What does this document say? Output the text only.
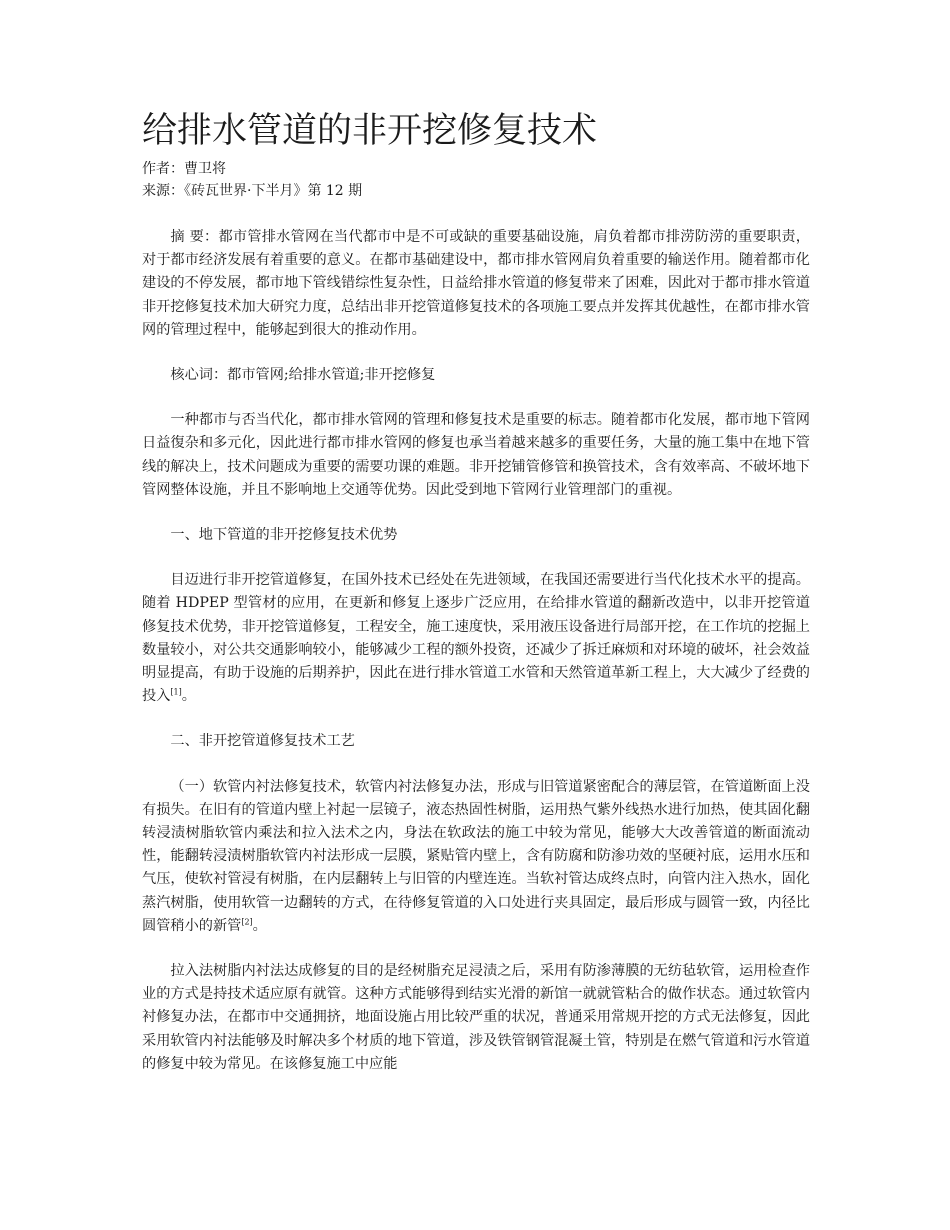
给排水管道的非开挖修复技术

作者：曹卫将

来源：《砖瓦世界·下半月》第 12 期

摘 要：都市管排水管网在当代都市中是不可或缺的重要基础设施，肩负着都市排涝防涝的重要职责，对于都市经济发展有着重要的意义。在都市基础建设中，都市排水管网肩负着重要的输送作用。随着都市化建设的不停发展，都市地下管线错综性复杂性，日益给排水管道的修复带来了困难，因此对于都市排水管道非开挖修复技术加大研究力度，总结出非开挖管道修复技术的各项施工要点并发挥其优越性，在都市排水管网的管理过程中，能够起到很大的推动作用。

核心词：都市管网;给排水管道;非开挖修复

一种都市与否当代化，都市排水管网的管理和修复技术是重要的标志。随着都市化发展，都市地下管网日益復杂和多元化，因此进行都市排水管网的修复也承当着越来越多的重要任务，大量的施工集中在地下管线的解决上，技术问题成为重要的需要功课的难题。非开挖铺管修管和换管技术，含有效率高、不破坏地下管网整体设施，并且不影响地上交通等优势。因此受到地下管网行业管理部门的重视。

一、地下管道的非开挖修复技术优势

目迈进行非开挖管道修复，在国外技术已经处在先进领域，在我国还需要进行当代化技术水平的提高。随着 HDPEP 型管材的应用，在更新和修复上逐步广泛应用，在给排水管道的翻新改造中，以非开挖管道修复技术优势，非开挖管道修复，工程安全，施工速度快，采用液压设备进行局部开挖，在工作坑的挖掘上数量较小，对公共交通影响较小，能够减少工程的额外投资，还减少了拆迁麻烦和对环境的破坏，社会效益明显提高，有助于设施的后期养护，因此在进行排水管道工水管和天然管道革新工程上，大大减少了经费的投入[1]。

二、非开挖管道修复技术工艺

（一）软管内衬法修复技术，软管内衬法修复办法，形成与旧管道紧密配合的薄层管，在管道断面上没有损失。在旧有的管道内壁上衬起一层镜子，液态热固性树脂，运用热气紫外线热水进行加热，使其固化翻转浸渍树脂软管内乘法和拉入法术之内，身法在软政法的施工中较为常见，能够大大改善管道的断面流动性，能翻转浸渍树脂软管内衬法形成一层膜，紧贴管内壁上，含有防腐和防渗功效的坚硬衬底，运用水压和气压，使软衬管浸有树脂，在内层翻转上与旧管的内壁连连。当软衬管达成终点时，向管内注入热水，固化蒸汽树脂，使用软管一边翻转的方式，在待修复管道的入口处进行夹具固定，最后形成与圆管一致，内径比圆管稍小的新管[2]。

拉入法树脂内衬法达成修复的目的是经树脂充足浸渍之后，采用有防渗薄膜的无纺毡软管，运用检查作业的方式是持技术适应原有就管。这种方式能够得到结实光滑的新馆一就就管粘合的做作状态。通过软管内衬修复办法，在都市中交通拥挤，地面设施占用比较严重的状况，普通采用常规开挖的方式无法修复，因此采用软管内衬法能够及时解决多个材质的地下管道，涉及铁管钢管混凝土管，特别是在燃气管道和污水管道的修复中较为常见。在该修复施工中应能
